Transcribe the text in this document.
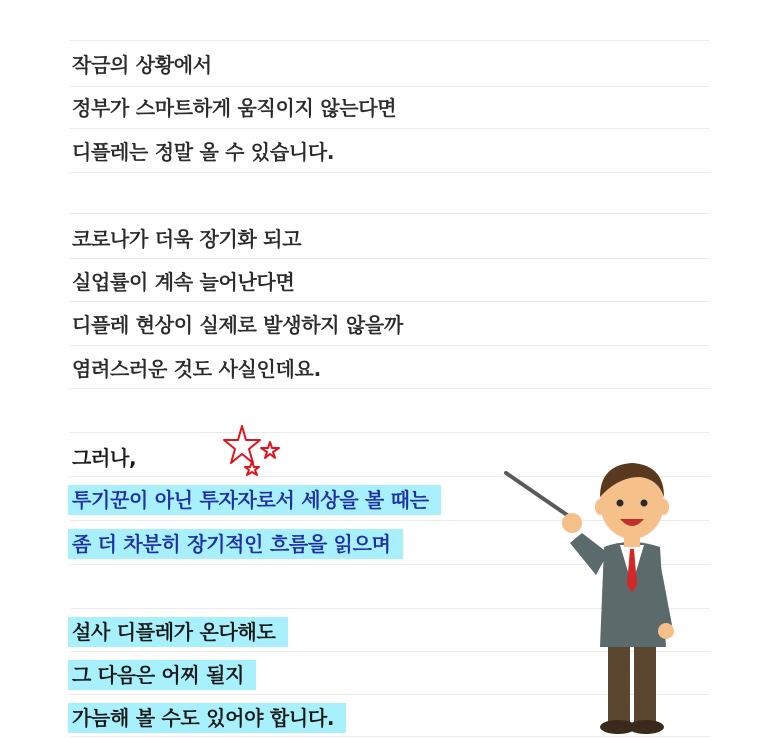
작금의 상황에서
정부가 스마트하게 움직이지 않는다면
디플레는 정말 올 수 있습니다.
코로나가 더욱 장기화 되고
실업률이 계속 늘어난다면
디플레 현상이 실제로 발생하지 않을까
염려스러운 것도 사실인데요.
그러나,
투기꾼이 아닌 투자자로서 세상을 볼 때는
좀 더 차분히 장기적인 흐름을 읽으며
설사 디플레가 온다해도
그 다음은 어찌 될지
가늠해 볼 수도 있어야 합니다.
